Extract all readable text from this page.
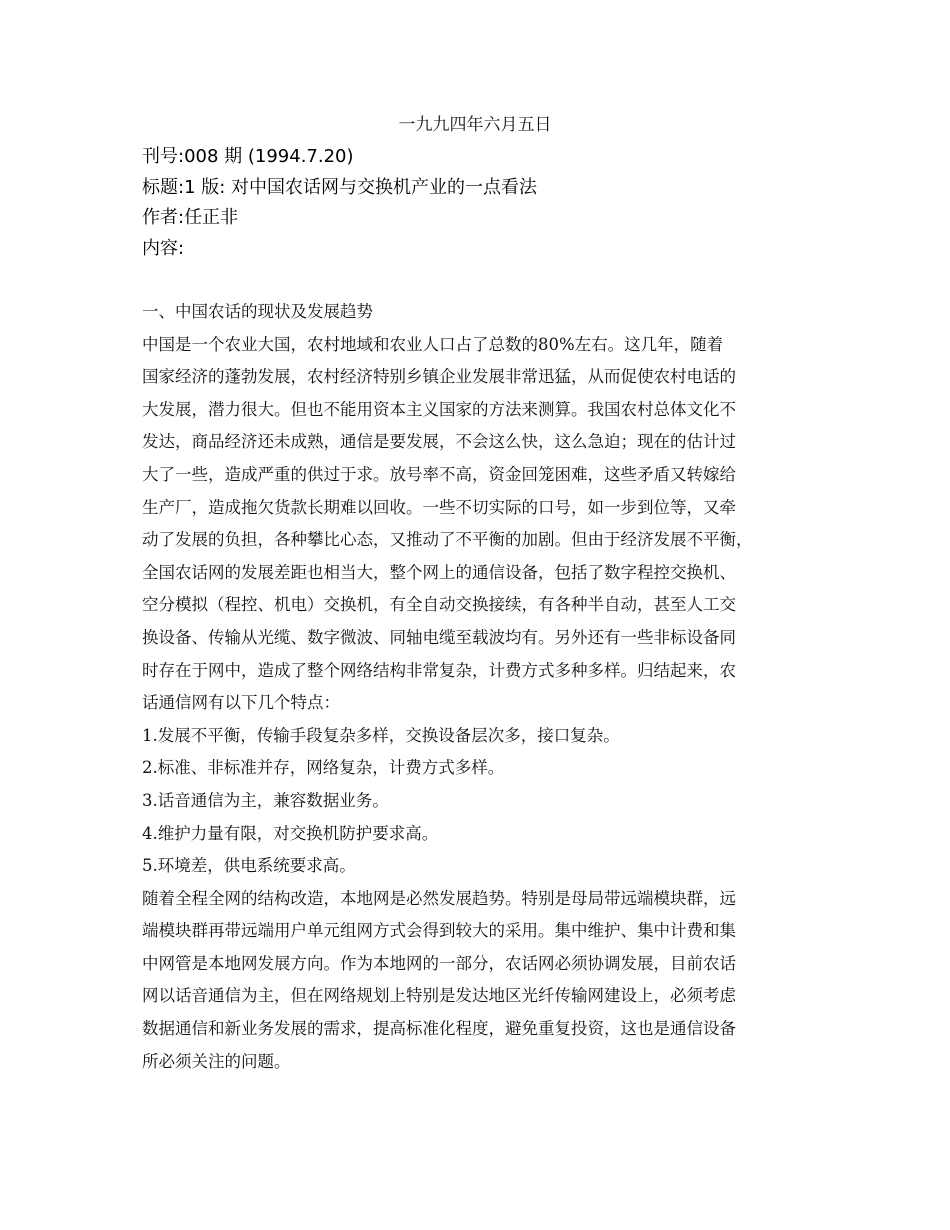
一九九四年六月五日
刊号:008 期 (1994.7.20)
标题:1 版: 对中国农话网与交换机产业的一点看法
作者:任正非
内容:
一、中国农话的现状及发展趋势
中国是一个农业大国，农村地域和农业人口占了总数的80%左右。这几年，随着
国家经济的蓬勃发展，农村经济特别乡镇企业发展非常迅猛，从而促使农村电话的
大发展，潜力很大。但也不能用资本主义国家的方法来测算。我国农村总体文化不
发达，商品经济还未成熟，通信是要发展，不会这么快，这么急迫；现在的估计过
大了一些，造成严重的供过于求。放号率不高，资金回笼困难，这些矛盾又转嫁给
生产厂，造成拖欠货款长期难以回收。一些不切实际的口号，如一步到位等，又牵
动了发展的负担，各种攀比心态，又推动了不平衡的加剧。但由于经济发展不平衡，
全国农话网的发展差距也相当大，整个网上的通信设备，包括了数字程控交换机、
空分模拟（程控、机电）交换机，有全自动交换接续，有各种半自动，甚至人工交
换设备、传输从光缆、数字微波、同轴电缆至载波均有。另外还有一些非标设备同
时存在于网中，造成了整个网络结构非常复杂，计费方式多种多样。归结起来，农
话通信网有以下几个特点：
1.发展不平衡，传输手段复杂多样，交换设备层次多，接口复杂。
2.标准、非标准并存，网络复杂，计费方式多样。
3.话音通信为主，兼容数据业务。
4.维护力量有限，对交换机防护要求高。
5.环境差，供电系统要求高。
随着全程全网的结构改造，本地网是必然发展趋势。特别是母局带远端模块群，远
端模块群再带远端用户单元组网方式会得到较大的采用。集中维护、集中计费和集
中网管是本地网发展方向。作为本地网的一部分，农话网必须协调发展，目前农话
网以话音通信为主，但在网络规划上特别是发达地区光纤传输网建设上，必须考虑
数据通信和新业务发展的需求，提高标准化程度，避免重复投资，这也是通信设备
所必须关注的问题。
